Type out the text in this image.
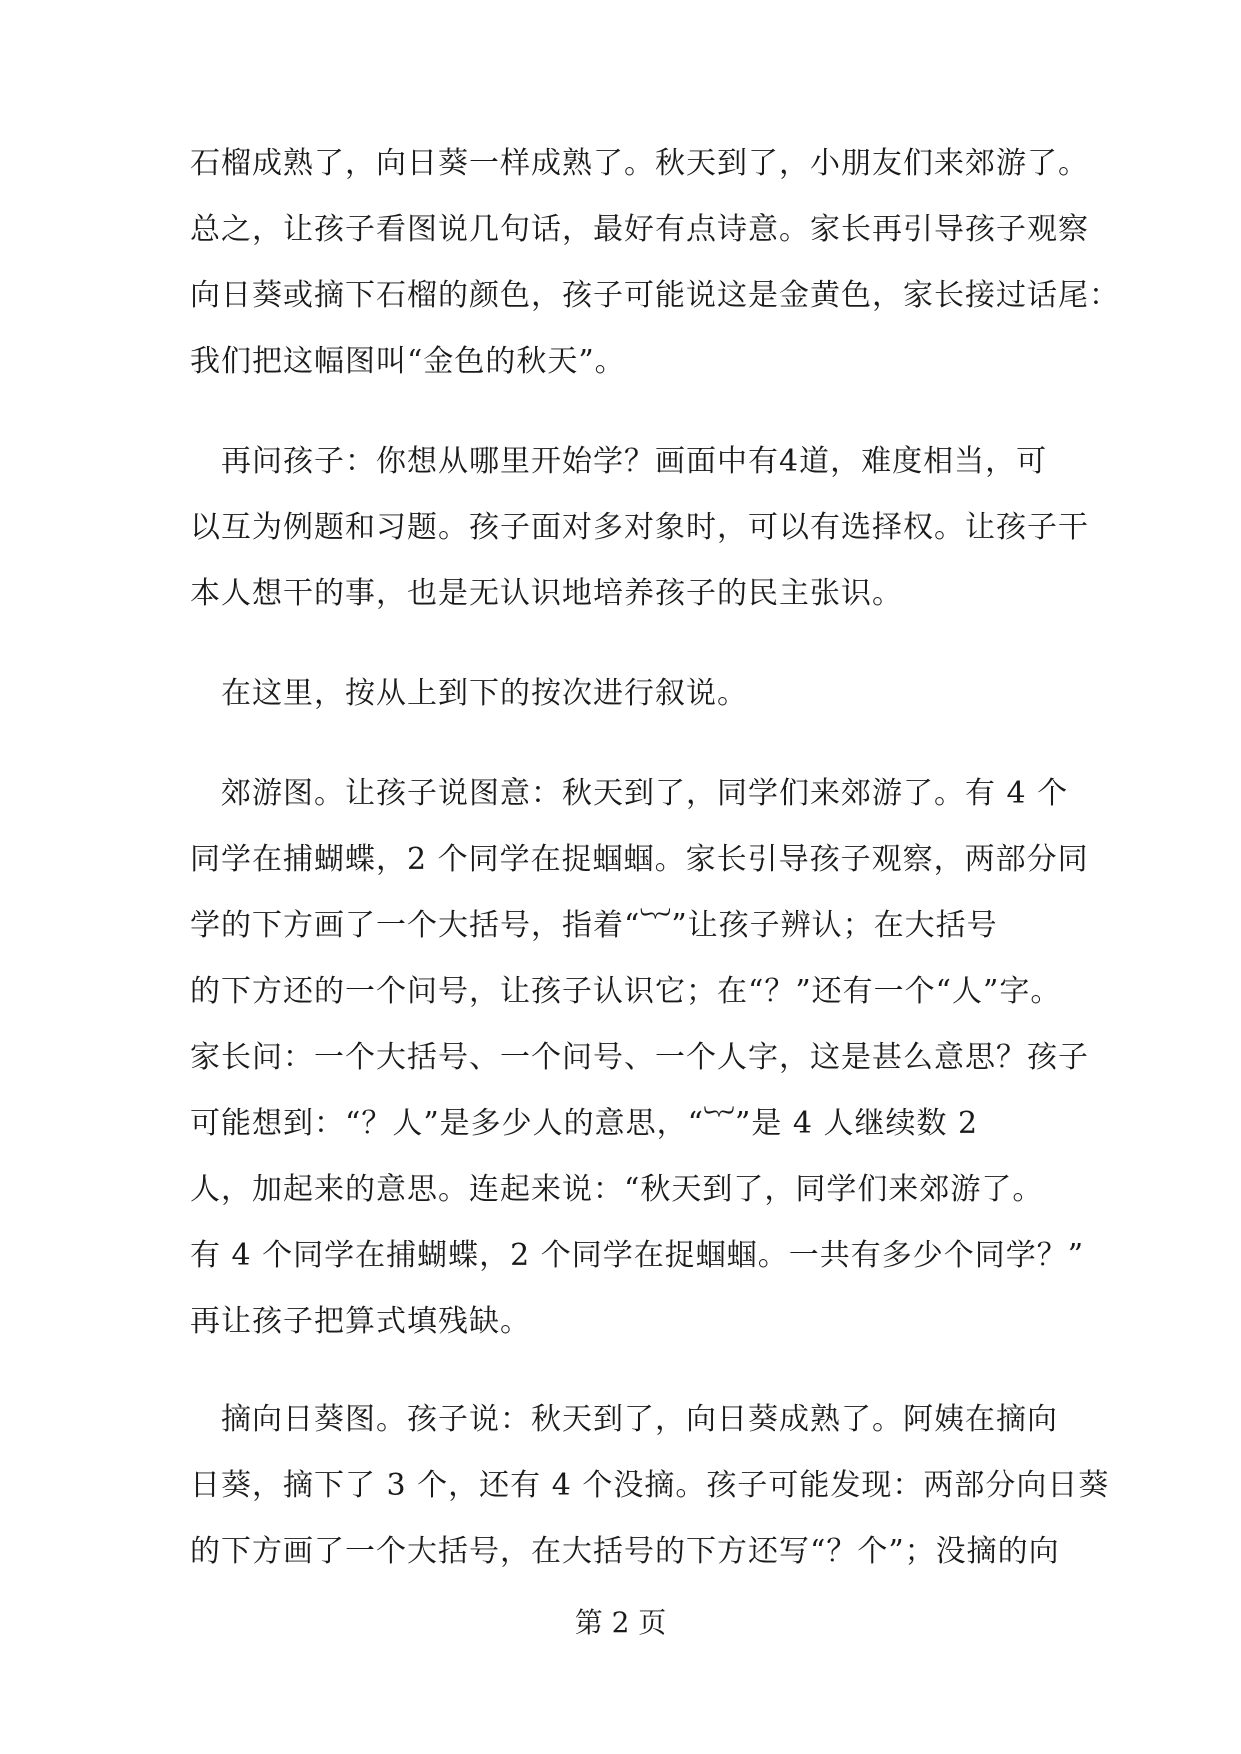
石榴成熟了，向日葵一样成熟了。秋天到了，小朋友们来郊游了。
总之，让孩子看图说几句话，最好有点诗意。家长再引导孩子观察
向日葵或摘下石榴的颜色，孩子可能说这是金黄色，家长接过话尾：
我们把这幅图叫“金色的秋天”。
　再问孩子：你想从哪里开始学？画面中有4道，难度相当，可
以互为例题和习题。孩子面对多对象时，可以有选择权。让孩子干
本人想干的事，也是无认识地培养孩子的民主张识。
　在这里，按从上到下的按次进行叙说。
　郊游图。让孩子说图意：秋天到了，同学们来郊游了。有 4 个
同学在捕蝴蝶，2 个同学在捉蝈蝈。家长引导孩子观察，两部分同
学的下方画了一个大括号，指着“︸”让孩子辨认；在大括号
的下方还的一个问号，让孩子认识它；在“？”还有一个“人”字。
家长问：一个大括号、一个问号、一个人字，这是甚么意思？孩子
可能想到：“？人”是多少人的意思，“︸”是 4 人继续数 2
人，加起来的意思。连起来说：“秋天到了，同学们来郊游了。
有 4 个同学在捕蝴蝶，2 个同学在捉蝈蝈。一共有多少个同学？”
再让孩子把算式填残缺。
　摘向日葵图。孩子说：秋天到了，向日葵成熟了。阿姨在摘向
日葵，摘下了 3 个，还有 4 个没摘。孩子可能发现：两部分向日葵
的下方画了一个大括号，在大括号的下方还写“？个”；没摘的向
第 2 页
